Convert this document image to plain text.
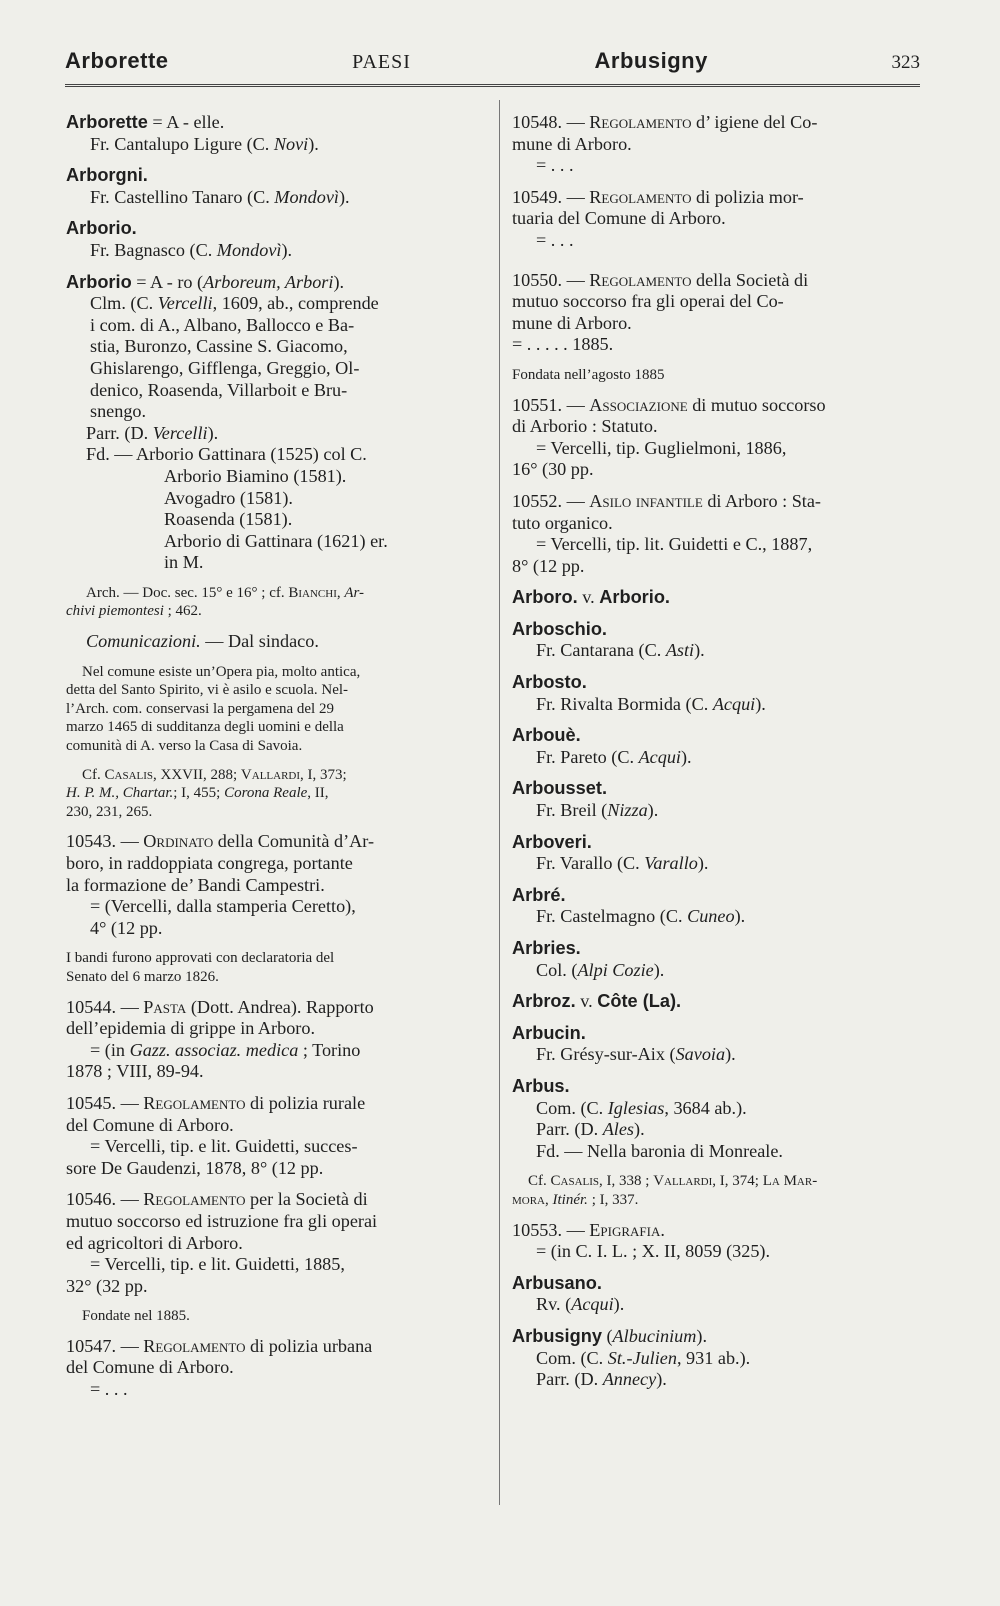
Arborette	PAESI	Arbusigny	323
Arborette = A - elle.
Fr. Cantalupo Ligure (C. Novi).
Arborgni.
Fr. Castellino Tanaro (C. Mondovì).
Arborio.
Fr. Bagnasco (C. Mondovì).
Arborio = A - ro (Arboreum, Arbori).
Clm. (C. Vercelli, 1609, ab., comprende
i com. di A., Albano, Ballocco e Ba-
stia, Buronzo, Cassine S. Giacomo,
Ghislarengo, Gifflenga, Greggio, Ol-
denico, Roasenda, Villarboit e Bru-
snengo.
Parr. (D. Vercelli).
Fd. — Arborio Gattinara (1525) col C.
Arborio Biamino (1581).
Avogadro (1581).
Roasenda (1581).
Arborio di Gattinara (1621) er.
in M.
Arch. — Doc. sec. 15° e 16° ; cf. Bianchi, Ar-
chivi piemontesi ; 462.
Comunicazioni. — Dal sindaco.
Nel comune esiste un’Opera pia, molto antica,
detta del Santo Spirito, vi è asilo e scuola. Nel-
l’Arch. com. conservasi la pergamena del 29
marzo 1465 di sudditanza degli uomini e della
comunità di A. verso la Casa di Savoia.
Cf. Casalis, XXVII, 288; Vallardi, I, 373;
H. P. M., Chartar.; I, 455; Corona Reale, II,
230, 231, 265.
10543. — Ordinato della Comunità d’Ar-
boro, in raddoppiata congrega, portante
la formazione de’ Bandi Campestri.
= (Vercelli, dalla stamperia Ceretto),
4° (12 pp.
I bandi furono approvati con declaratoria del
Senato del 6 marzo 1826.
10544. — Pasta (Dott. Andrea). Rapporto
dell’epidemia di grippe in Arboro.
= (in Gazz. associaz. medica ; Torino
1878 ; VIII, 89-94.
10545. — Regolamento di polizia rurale
del Comune di Arboro.
= Vercelli, tip. e lit. Guidetti, succes-
sore De Gaudenzi, 1878, 8° (12 pp.
10546. — Regolamento per la Società di
mutuo soccorso ed istruzione fra gli operai
ed agricoltori di Arboro.
= Vercelli, tip. e lit. Guidetti, 1885,
32° (32 pp.
Fondate nel 1885.
10547. — Regolamento di polizia urbana
del Comune di Arboro.
= . . .
10548. — Regolamento d’ igiene del Co-
mune di Arboro.
= . . .
10549. — Regolamento di polizia mor-
tuaria del Comune di Arboro.
= . . .
10550. — Regolamento della Società di
mutuo soccorso fra gli operai del Co-
mune di Arboro.
= . . . . . 1885.
Fondata nell’agosto 1885
10551. — Associazione di mutuo soccorso
di Arborio : Statuto.
= Vercelli, tip. Guglielmoni, 1886,
16° (30 pp.
10552. — Asilo infantile di Arboro : Sta-
tuto organico.
= Vercelli, tip. lit. Guidetti e C., 1887,
8° (12 pp.
Arboro. v. Arborio.
Arboschio.
Fr. Cantarana (C. Asti).
Arbosto.
Fr. Rivalta Bormida (C. Acqui).
Arbouè.
Fr. Pareto (C. Acqui).
Arbousset.
Fr. Breil (Nizza).
Arboveri.
Fr. Varallo (C. Varallo).
Arbré.
Fr. Castelmagno (C. Cuneo).
Arbries.
Col. (Alpi Cozie).
Arbroz. v. Côte (La).
Arbucin.
Fr. Grésy-sur-Aix (Savoia).
Arbus.
Com. (C. Iglesias, 3684 ab.).
Parr. (D. Ales).
Fd. — Nella baronia di Monreale.
Cf. Casalis, I, 338 ; Vallardi, I, 374; La Mar-
mora, Itinér. ; I, 337.
10553. — Epigrafia.
= (in C. I. L. ; X. II, 8059 (325).
Arbusano.
Rv. (Acqui).
Arbusigny (Albucinium).
Com. (C. St.-Julien, 931 ab.).
Parr. (D. Annecy).
